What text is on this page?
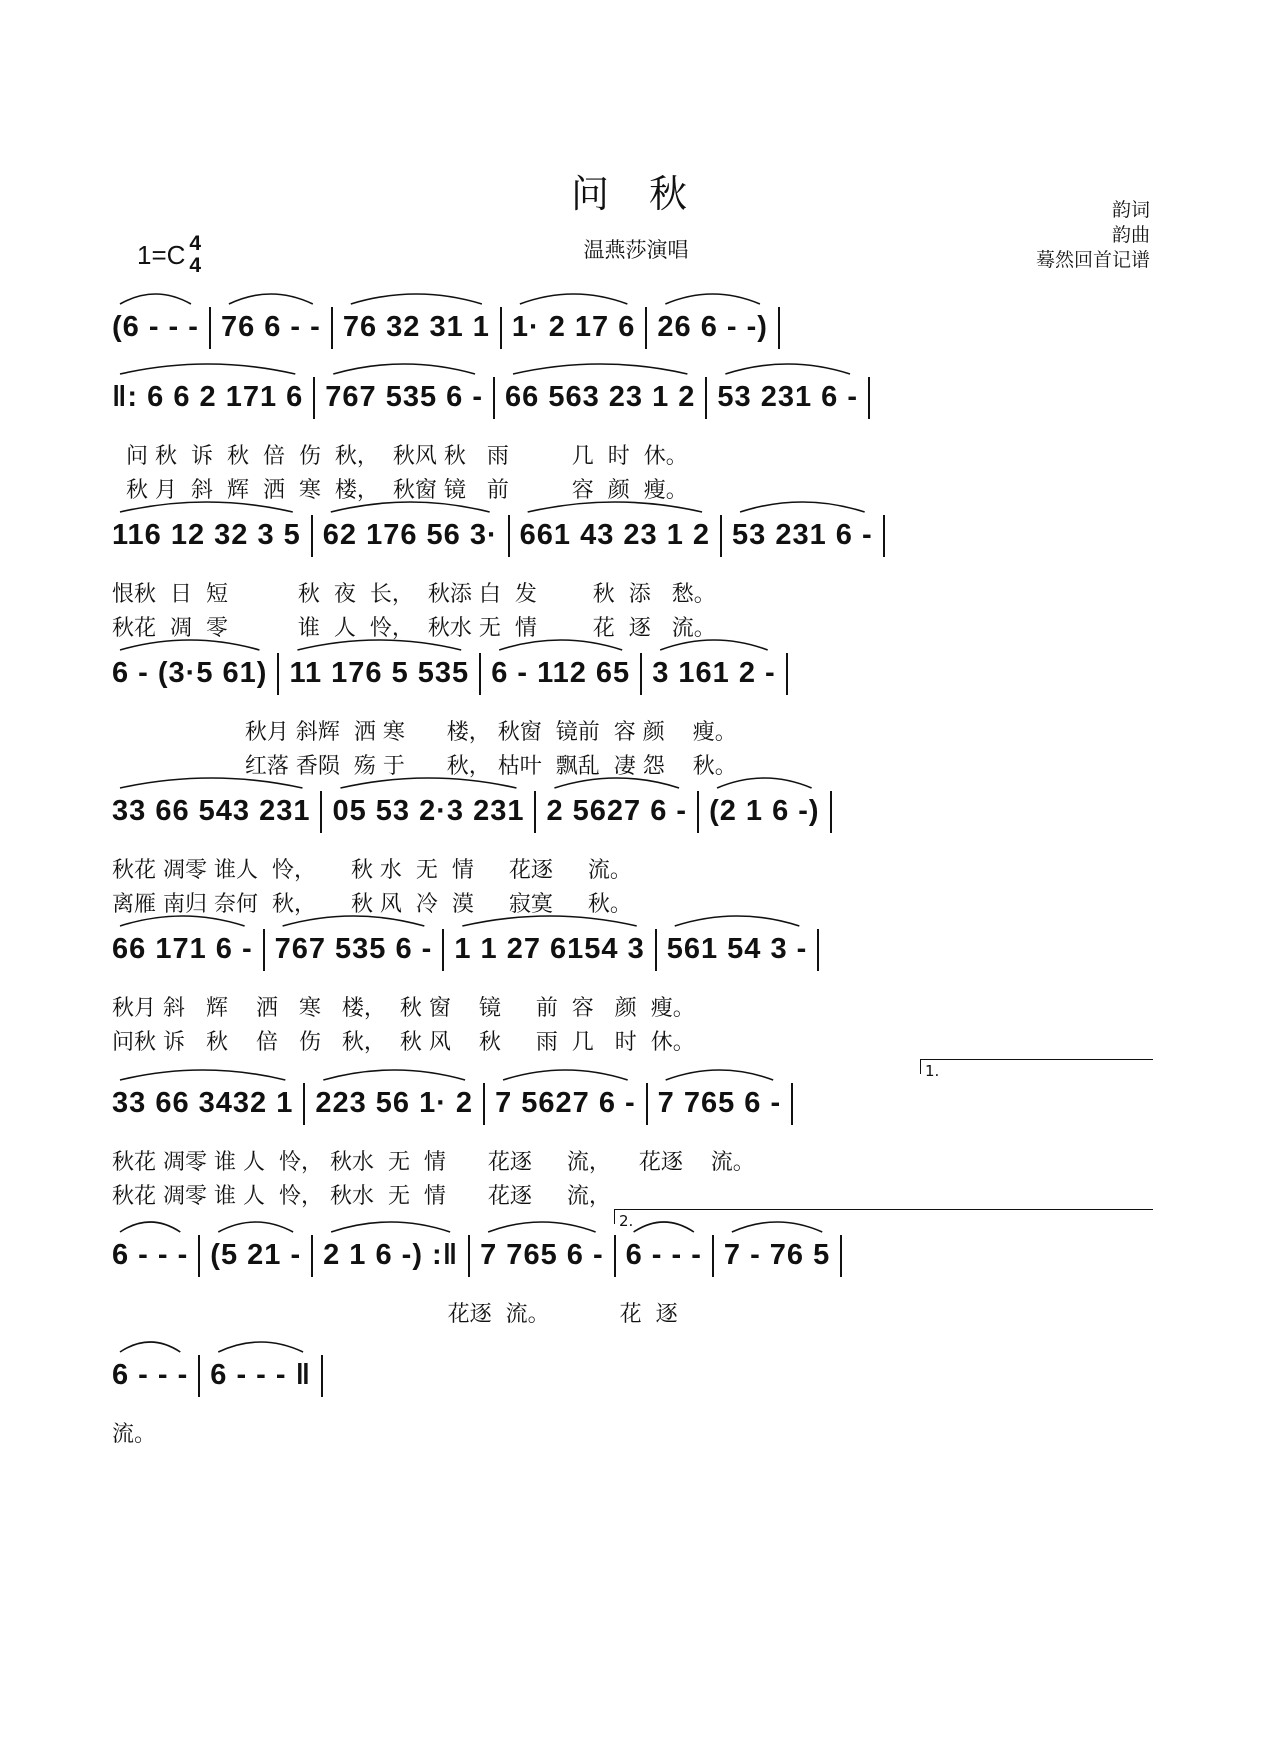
问 秋
1=C 4
4
温燕莎演唱
韵词
韵曲
蓦然回首记谱
(6 - - - 76 6 - - 76 32 31 1 1· 2 17 6 26 6 - -)
‖: 6 6 2 171 6 767 535 6 - 66 563 23 1 2 53 231 6 -
问 秋  诉  秋  倍  伤  秋，  秋风 秋   雨         几  时  休。
秋 月  斜  辉  洒  寒  楼，  秋窗 镜   前         容  颜  瘦。
116 12 32 3 5 62 176 56 3· 661 43 23 1 2 53 231 6 -
恨秋  日  短          秋  夜  长，  秋添 白  发        秋  添   愁。
秋花  凋  零          谁  人  怜，  秋水 无  情        花  逐   流。
6 - (3·5 61) 11 176 5 535 6 - 112 65 3 161 2 -
秋月 斜辉  洒 寒      楼， 秋窗  镜前  容 颜    瘦。
红落 香陨  殇 于      秋， 枯叶  飘乱  凄 怨    秋。
33 66 543 231 05 53 2·3 231 2 5627 6 - (2 1 6 -)
秋花 凋零 谁人  怜，     秋 水  无  情     花逐     流。
离雁 南归 奈何  秋，     秋 风  冷  漠     寂寞     秋。
66 171 6 - 767 535 6 - 1 1 27 6154 3 561 54 3 -
秋月 斜   辉    洒   寒   楼，  秋 窗    镜     前  容   颜  瘦。
问秋 诉   秋    倍   伤   秋，  秋 风    秋     雨  几   时  休。
33 66 3432 1 223 56 1· 2 7 5627 6 - 7 765 6 -
秋花 凋零 谁 人  怜， 秋水  无  情      花逐     流，    花逐    流。
秋花 凋零 谁 人  怜， 秋水  无  情      花逐     流，
6 - - - (5 21 - 2 1 6 -) :‖ 7 765 6 - 6 - - - 7 - 76 5
花逐  流。          花  逐
6 - - - 6 - - - ‖
流。
1.
2.
